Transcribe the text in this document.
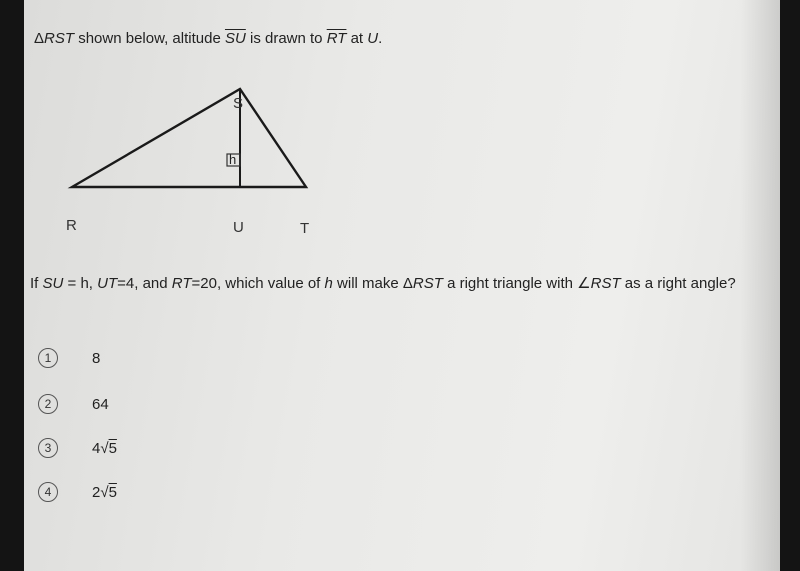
ΔRST shown below, altitude $\overline{SU}$ is drawn to $\overline{RT}$ at U.
h
S
R	U	T
If SU = h, UT=4, and RT=20, which value of h will make ΔRST a right triangle with ∠RST as a right angle?
1	8
2	64
3	4√5
4	2√5
